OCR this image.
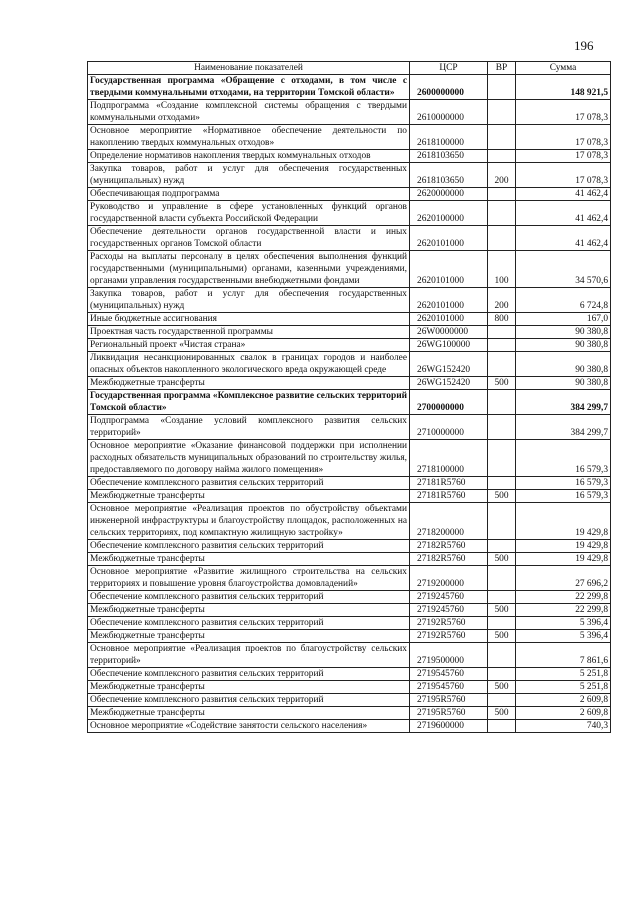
196
Наименование показателей	ЦСР	ВР	Сумма
Государственная программа «Обращение с отходами, в том числе с твердыми коммунальными отходами, на территории Томской области»	2600000000		148 921,5
Подпрограмма «Создание комплексной системы обращения с твердыми коммунальными отходами»	2610000000		17 078,3
Основное мероприятие «Нормативное обеспечение деятельности по накоплению твердых коммунальных отходов»	2618100000		17 078,3
Определение нормативов накопления твердых коммунальных отходов	2618103650		17 078,3
Закупка товаров, работ и услуг для обеспечения государственных (муниципальных) нужд	2618103650	200	17 078,3
Обеспечивающая подпрограмма	2620000000		41 462,4
Руководство и управление в сфере установленных функций органов государственной власти субъекта Российской Федерации	2620100000		41 462,4
Обеспечение деятельности органов государственной власти и иных государственных органов Томской области	2620101000		41 462,4
Расходы на выплаты персоналу в целях обеспечения выполнения функций государственными (муниципальными) органами, казенными учреждениями, органами управления государственными внебюджетными фондами	2620101000	100	34 570,6
Закупка товаров, работ и услуг для обеспечения государственных (муниципальных) нужд	2620101000	200	6 724,8
Иные бюджетные ассигнования	2620101000	800	167,0
Проектная часть государственной программы	26W0000000		90 380,8
Региональный проект «Чистая страна»	26WG100000		90 380,8
Ликвидация несанкционированных свалок в границах городов и наиболее опасных объектов накопленного экологического вреда окружающей среде	26WG152420		90 380,8
Межбюджетные трансферты	26WG152420	500	90 380,8
Государственная программа «Комплексное развитие сельских территорий Томской области»	2700000000		384 299,7
Подпрограмма «Создание условий комплексного развития сельских территорий»	2710000000		384 299,7
Основное мероприятие «Оказание финансовой поддержки при исполнении расходных обязательств муниципальных образований по строительству жилья, предоставляемого по договору найма жилого помещения»	2718100000		16 579,3
Обеспечение комплексного развития сельских территорий	27181R5760		16 579,3
Межбюджетные трансферты	27181R5760	500	16 579,3
Основное мероприятие «Реализация проектов по обустройству объектами инженерной инфраструктуры и благоустройству площадок, расположенных на сельских территориях, под компактную жилищную застройку»	2718200000		19 429,8
Обеспечение комплексного развития сельских территорий	27182R5760		19 429,8
Межбюджетные трансферты	27182R5760	500	19 429,8
Основное мероприятие «Развитие жилищного строительства на сельских территориях и повышение уровня благоустройства домовладений»	2719200000		27 696,2
Обеспечение комплексного развития сельских территорий	2719245760		22 299,8
Межбюджетные трансферты	2719245760	500	22 299,8
Обеспечение комплексного развития сельских территорий	27192R5760		5 396,4
Межбюджетные трансферты	27192R5760	500	5 396,4
Основное мероприятие «Реализация проектов по благоустройству сельских территорий»	2719500000		7 861,6
Обеспечение комплексного развития сельских территорий	2719545760		5 251,8
Межбюджетные трансферты	2719545760	500	5 251,8
Обеспечение комплексного развития сельских территорий	27195R5760		2 609,8
Межбюджетные трансферты	27195R5760	500	2 609,8
Основное мероприятие «Содействие занятости сельского населения»	2719600000		740,3
